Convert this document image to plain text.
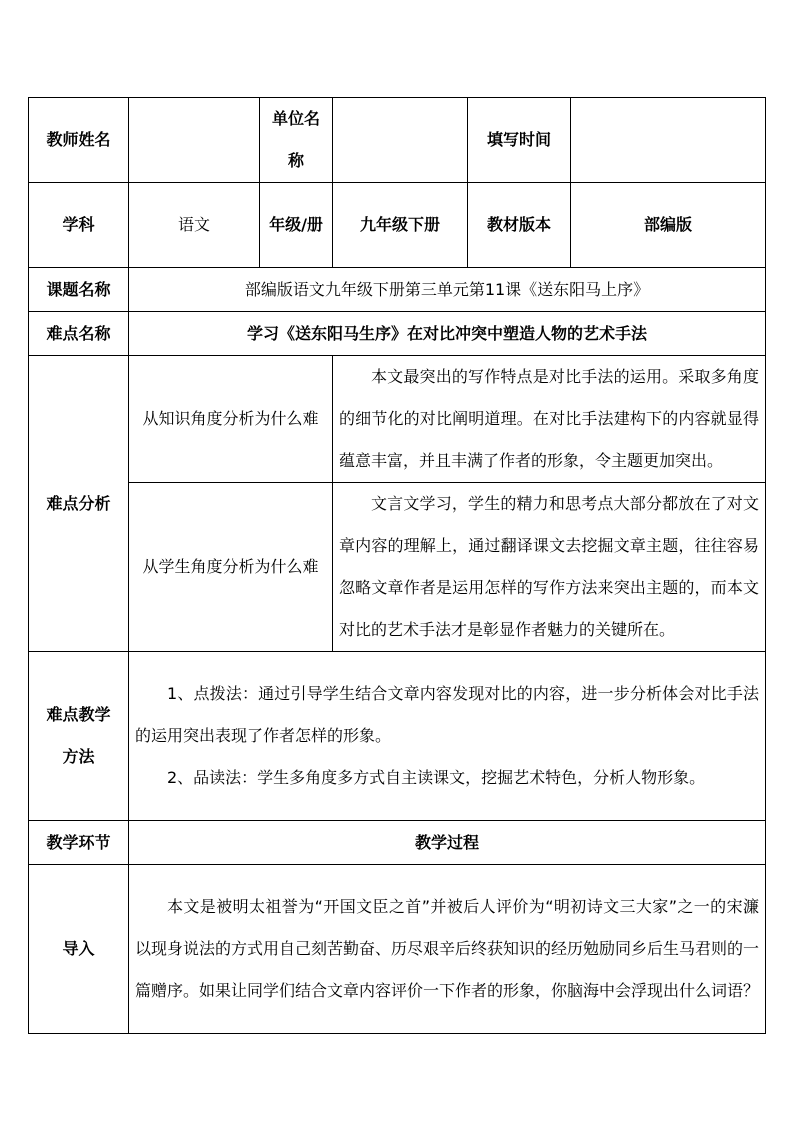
教师姓名		单位名称		填写时间	
学科	语文	年级/册	九年级下册	教材版本	部编版
课题名称	部编版语文九年级下册第三单元第11课《送东阳马上序》				
难点名称	学习《送东阳马生序》在对比冲突中塑造人物的艺术手法				
难点分析	从知识角度分析为什么难		本文最突出的写作特点是对比手法的运用。采取多角度的细节化的对比阐明道理。在对比手法建构下的内容就显得蕴意丰富，并且丰满了作者的形象，令主题更加突出。		

	从学生角度分析为什么难		文言文学习，学生的精力和思考点大部分都放在了对文章内容的理解上，通过翻译课文去挖掘文章主题，往往容易忽略文章作者是运用怎样的写作方法来突出主题的，而本文对比的艺术手法才是彰显作者魅力的关键所在。		

难点教学方法	1、点拨法：通过引导学生结合文章内容发现对比的内容，进一步分析体会对比手法的运用突出表现了作者怎样的形象。
2、品读法：学生多角度多方式自主读课文，挖掘艺术特色，分析人物形象。				

教学环节	教学过程				
导入	本文是被明太祖誉为“开国文臣之首”并被后人评价为“明初诗文三大家”之一的宋濂以现身说法的方式用自己刻苦勤奋、历尽艰辛后终获知识的经历勉励同乡后生马君则的一篇赠序。如果让同学们结合文章内容评价一下作者的形象，你脑海中会浮现出什么词语？				
